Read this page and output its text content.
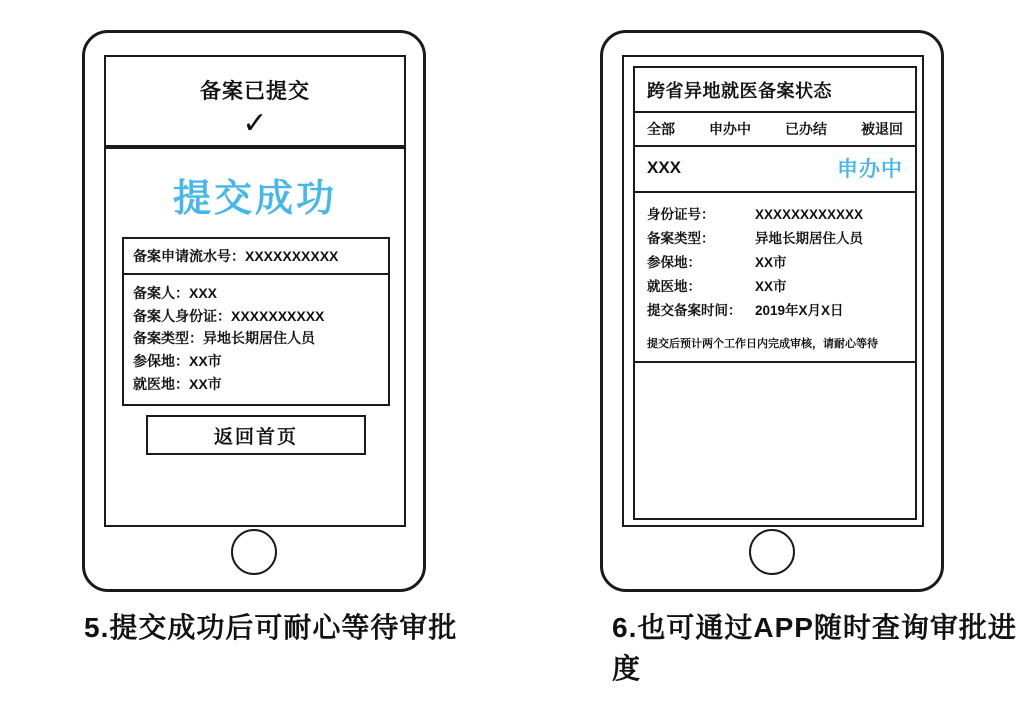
备案已提交
✓
提交成功
备案申请流水号：XXXXXXXXXX
备案人：XXX
备案人身份证：XXXXXXXXXX
备案类型：异地长期居住人员
参保地：XX市
就医地：XX市
返回首页
跨省异地就医备案状态
全部 申办中 已办结 被退回
XXX	申办中
身份证号：	XXXXXXXXXXXX
备案类型：	异地长期居住人员
参保地：	XX市
就医地：	XX市
提交备案时间：	2019年X月X日
提交后预计两个工作日内完成审核，请耐心等待
5.提交成功后可耐心等待审批	6.也可通过APP随时查询审批进度
